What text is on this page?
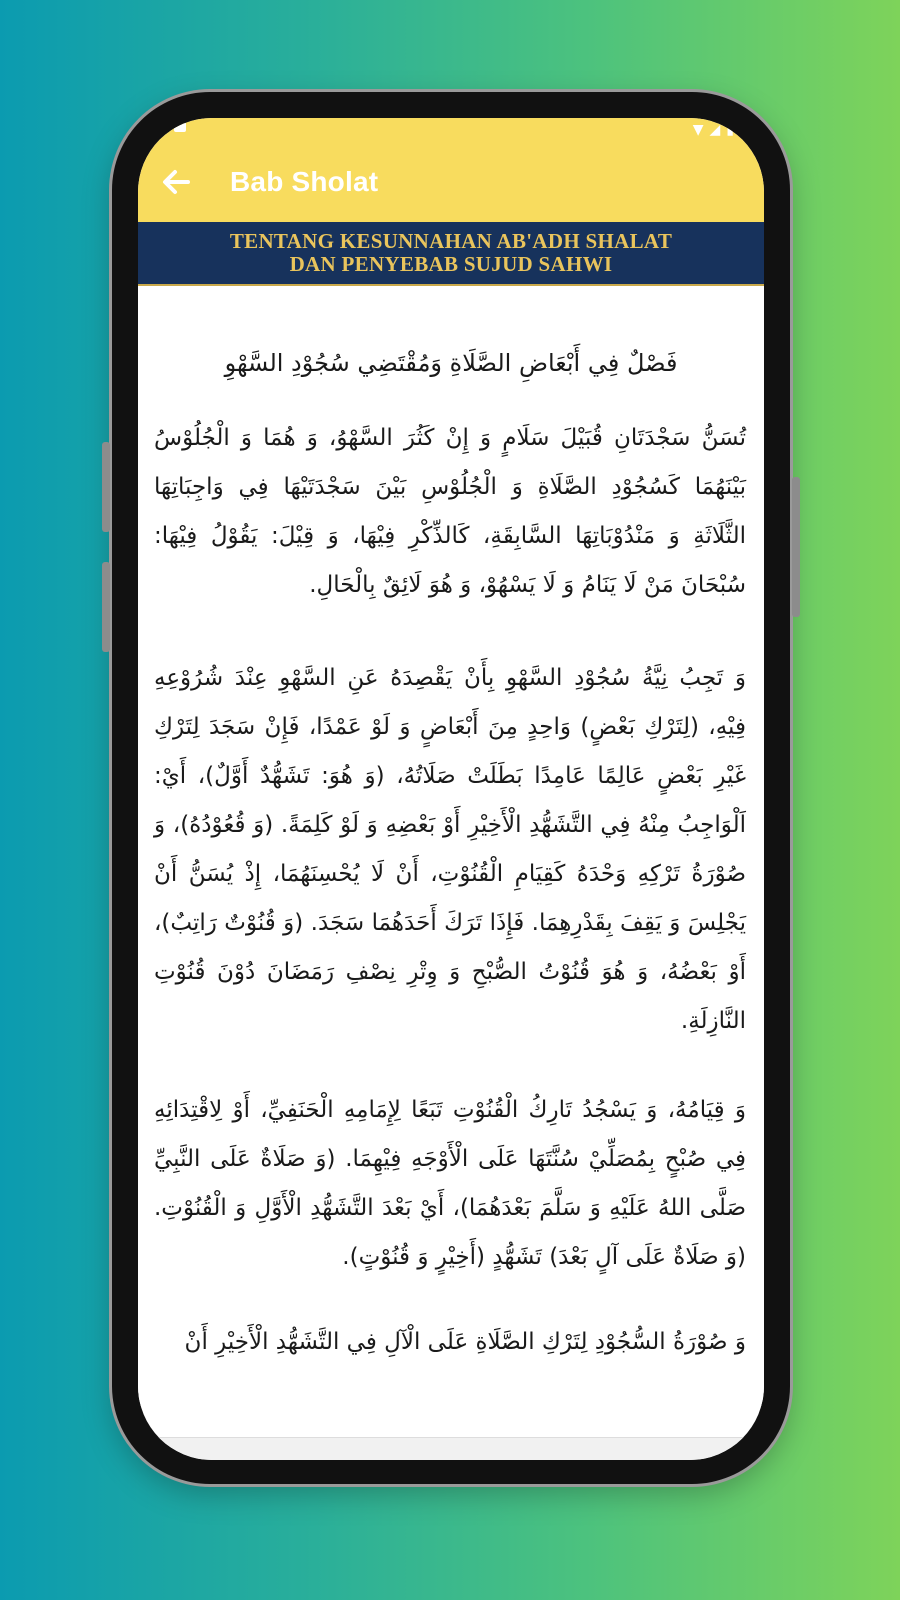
▼ ◢ ▮
Bab Sholat
TENTANG KESUNNAHAN AB'ADH SHALAT
DAN PENYEBAB SUJUD SAHWI
فَصْلٌ فِي أَبْعَاضِ الصَّلَاةِ وَمُقْتَضِي سُجُوْدِ السَّهْوِ
تُسَنُّ سَجْدَتَانِ قُبَيْلَ سَلَامٍ وَ إِنْ كَثُرَ السَّهْوُ، وَ هُمَا وَ الْجُلُوْسُ بَيْنَهُمَا كَسُجُوْدِ الصَّلَاةِ وَ الْجُلُوْسِ بَيْنَ سَجْدَتَيْهَا فِي وَاجِبَاتِهَا الثَّلَاثَةِ وَ مَنْدُوْبَاتِهَا السَّابِقَةِ، كَالذِّكْرِ فِيْهَا، وَ قِيْلَ: يَقُوْلُ فِيْهَا: سُبْحَانَ مَنْ لَا يَنَامُ وَ لَا يَسْهُوْ، وَ هُوَ لَائِقٌ بِالْحَالِ.
وَ تَجِبُ نِيَّةُ سُجُوْدِ السَّهْوِ بِأَنْ يَقْصِدَهُ عَنِ السَّهْوِ عِنْدَ شُرُوْعِهِ فِيْهِ، (لِتَرْكِ بَعْضٍ) وَاحِدٍ مِنَ أَبْعَاضٍ وَ لَوْ عَمْدًا، فَإِنْ سَجَدَ لِتَرْكِ غَيْرِ بَعْضٍ عَالِمًا عَامِدًا بَطَلَتْ صَلَاتُهُ، (وَ هُوَ: تَشَهُّدٌ أَوَّلٌ)، أَيْ: اَلْوَاجِبُ مِنْهُ فِي التَّشَهُّدِ الْأَخِيْرِ أَوْ بَعْضِهِ وَ لَوْ كَلِمَةً. (وَ قُعُوْدُهُ)، وَ صُوْرَةُ تَرْكِهِ وَحْدَهُ كَقِيَامِ الْقُنُوْتِ، أَنْ لَا يُحْسِنَهُمَا، إِذْ يُسَنُّ أَنْ يَجْلِسَ وَ يَقِفَ بِقَدْرِهِمَا. فَإِذَا تَرَكَ أَحَدَهُمَا سَجَدَ. (وَ قُنُوْتٌ رَاتِبٌ)، أَوْ بَعْضُهُ، وَ هُوَ قُنُوْتُ الصُّبْحِ وَ وِتْرِ نِصْفِ رَمَضَانَ دُوْنَ قُنُوْتِ النَّازِلَةِ.
وَ قِيَامُهُ، وَ يَسْجُدُ تَارِكُ الْقُنُوْتِ تَبَعًا لِإِمَامِهِ الْحَنَفِيِّ، أَوْ لِاقْتِدَائِهِ فِي صُبْحٍ بِمُصَلِّيْ سُنَّتَهَا عَلَى الْأَوْجَهِ فِيْهِمَا. (وَ صَلَاةٌ عَلَى النَّبِيِّ صَلَّى اللهُ عَلَيْهِ وَ سَلَّمَ بَعْدَهُمَا)، أَيْ بَعْدَ التَّشَهُّدِ الْأَوَّلِ وَ الْقُنُوْتِ. (وَ صَلَاةٌ عَلَى آلٍ بَعْدَ) تَشَهُّدٍ (أَخِيْرٍ وَ قُنُوْتٍ).
وَ صُوْرَةُ السُّجُوْدِ لِتَرْكِ الصَّلَاةِ عَلَى الْآلِ فِي التَّشَهُّدِ الْأَخِيْرِ أَنْ
